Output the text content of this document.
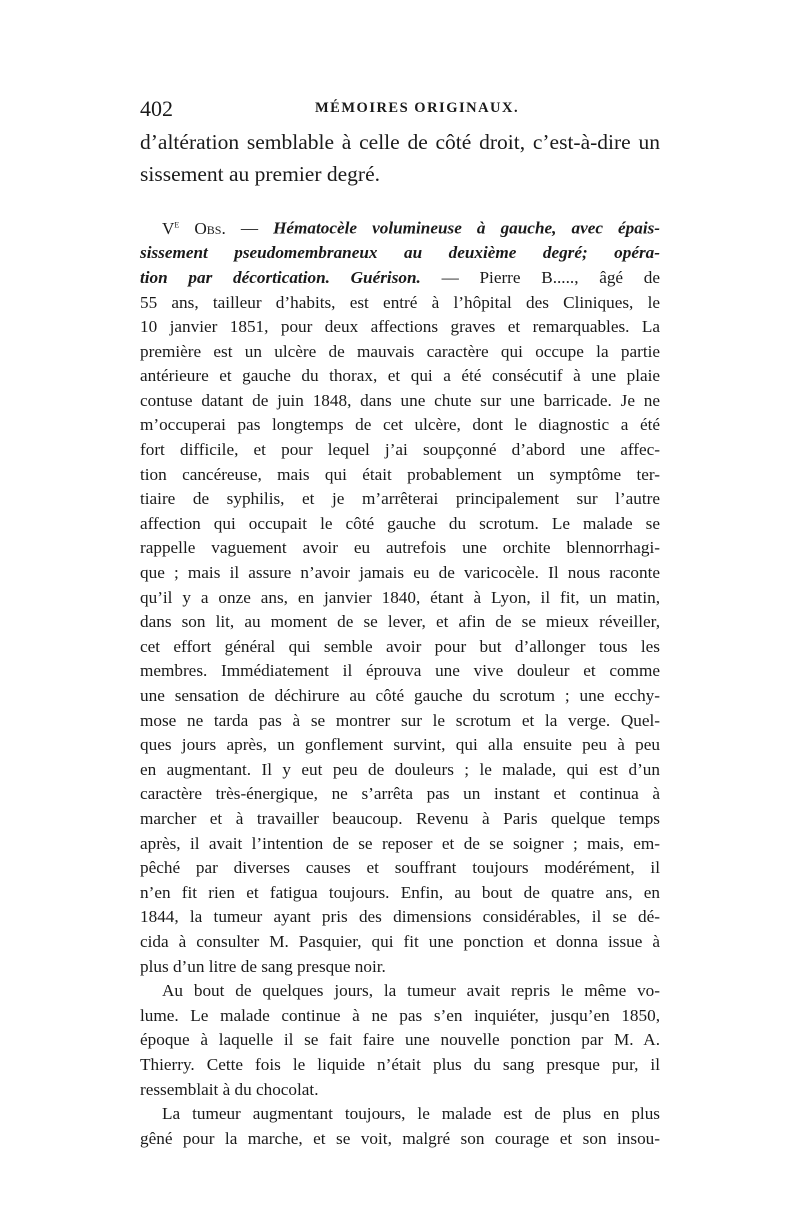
402	MÉMOIRES ORIGINAUX.
d’altération semblable à celle de côté droit, c’est-à-dire un
sissement au premier degré.
Ve Obs. — Hématocèle volumineuse à gauche, avec épais-
sissement pseudomembraneux au deuxième degré; opéra-
tion par décortication. Guérison. — Pierre B....., âgé de
55 ans, tailleur d’habits, est entré à l’hôpital des Cliniques, le
10 janvier 1851, pour deux affections graves et remarquables. La
première est un ulcère de mauvais caractère qui occupe la partie
antérieure et gauche du thorax, et qui a été consécutif à une plaie
contuse datant de juin 1848, dans une chute sur une barricade. Je ne
m’occuperai pas longtemps de cet ulcère, dont le diagnostic a été
fort difficile, et pour lequel j’ai soupçonné d’abord une affec-
tion cancéreuse, mais qui était probablement un symptôme ter-
tiaire de syphilis, et je m’arrêterai principalement sur l’autre
affection qui occupait le côté gauche du scrotum. Le malade se
rappelle vaguement avoir eu autrefois une orchite blennorrhagi-
que ; mais il assure n’avoir jamais eu de varicocèle. Il nous raconte
qu’il y a onze ans, en janvier 1840, étant à Lyon, il fit, un matin,
dans son lit, au moment de se lever, et afin de se mieux réveiller,
cet effort général qui semble avoir pour but d’allonger tous les
membres. Immédiatement il éprouva une vive douleur et comme
une sensation de déchirure au côté gauche du scrotum ; une ecchy-
mose ne tarda pas à se montrer sur le scrotum et la verge. Quel-
ques jours après, un gonflement survint, qui alla ensuite peu à peu
en augmentant. Il y eut peu de douleurs ; le malade, qui est d’un
caractère très-énergique, ne s’arrêta pas un instant et continua à
marcher et à travailler beaucoup. Revenu à Paris quelque temps
après, il avait l’intention de se reposer et de se soigner ; mais, em-
pêché par diverses causes et souffrant toujours modérément, il
n’en fit rien et fatigua toujours. Enfin, au bout de quatre ans, en
1844, la tumeur ayant pris des dimensions considérables, il se dé-
cida à consulter M. Pasquier, qui fit une ponction et donna issue à
plus d’un litre de sang presque noir.
Au bout de quelques jours, la tumeur avait repris le même vo-
lume. Le malade continue à ne pas s’en inquiéter, jusqu’en 1850,
époque à laquelle il se fait faire une nouvelle ponction par M. A.
Thierry. Cette fois le liquide n’était plus du sang presque pur, il
ressemblait à du chocolat.
La tumeur augmentant toujours, le malade est de plus en plus
gêné pour la marche, et se voit, malgré son courage et son insou-
